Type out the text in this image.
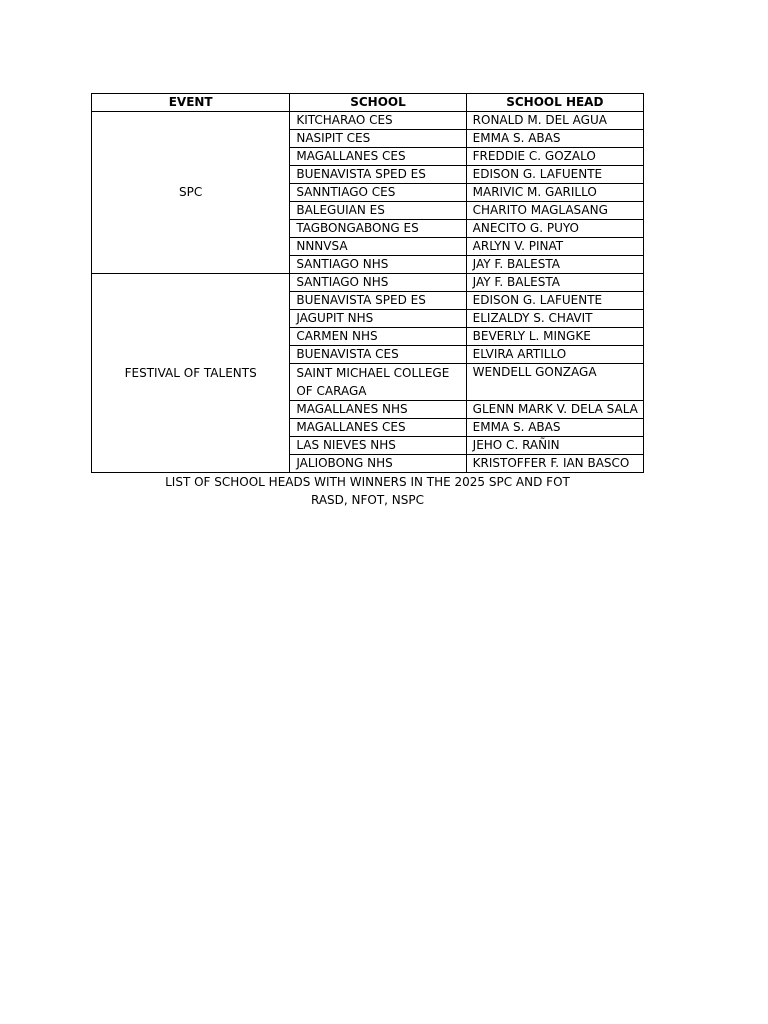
EVENT	SCHOOL	SCHOOL HEAD
SPC	KITCHARAO CES	RONALD M. DEL AGUA
	NASIPIT CES	EMMA S. ABAS
	MAGALLANES CES	FREDDIE C. GOZALO
	BUENAVISTA SPED ES	EDISON G. LAFUENTE
	SANNTIAGO CES	MARIVIC M. GARILLO
	BALEGUIAN ES	CHARITO MAGLASANG
	TAGBONGABONG ES	ANECITO G. PUYO
	NNNVSA	ARLYN V. PINAT
	SANTIAGO NHS	JAY F. BALESTA
FESTIVAL OF TALENTS	SANTIAGO NHS	JAY F. BALESTA
	BUENAVISTA SPED ES	EDISON G. LAFUENTE
	JAGUPIT NHS	ELIZALDY S. CHAVIT
	CARMEN NHS	BEVERLY L. MINGKE
	BUENAVISTA CES	ELVIRA ARTILLO
	SAINT MICHAEL COLLEGE OF CARAGA	WENDELL GONZAGA
	MAGALLANES NHS	GLENN MARK V. DELA SALA
	MAGALLANES CES	EMMA S. ABAS
	LAS NIEVES NHS	JEHO C. RAÑIN
	JALIOBONG NHS	KRISTOFFER F. IAN BASCO
LIST OF SCHOOL HEADS WITH WINNERS IN THE 2025 SPC AND FOT
RASD, NFOT, NSPC
